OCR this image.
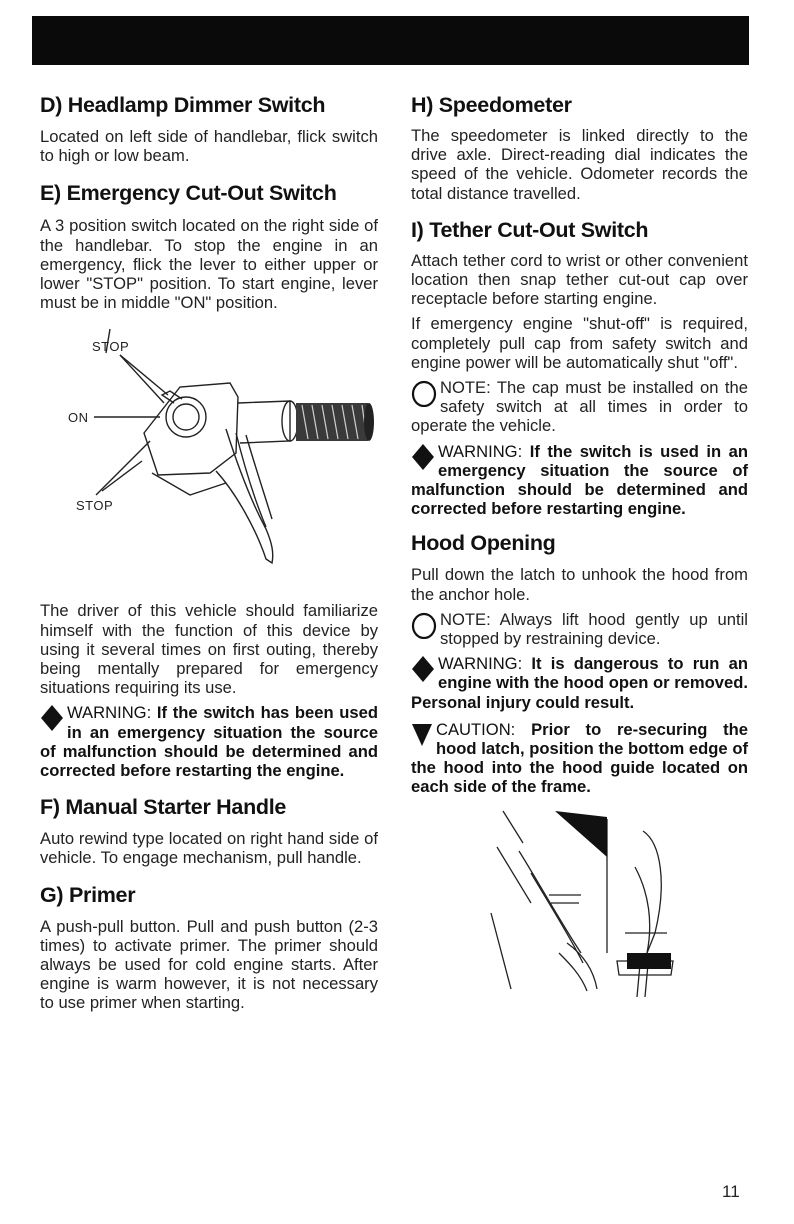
D) Headlamp Dimmer Switch

Located on left side of handlebar, flick switch to high or low beam.

E) Emergency Cut-Out Switch

A 3 position switch located on the right side of the handlebar. To stop the engine in an emergency, flick the lever to either upper or lower "STOP" position. To start engine, lever must be in middle "ON" position.

STOP
ON
STOP

The driver of this vehicle should familiarize himself with the function of this device by using it several times on first outing, thereby being mentally prepared for emergency situations requiring its use.

WARNING: If the switch has been used in an emergency situation the source of malfunction should be determined and corrected before restarting the engine.
F) Manual Starter Handle

Auto rewind type located on right hand side of vehicle. To engage mechanism, pull handle.

G) Primer

A push-pull button. Pull and push button (2-3 times) to activate primer. The primer should always be used for cold engine starts. After engine is warm however, it is not necessary to use primer when starting.

H) Speedometer

The speedometer is linked directly to the drive axle. Direct-reading dial indicates the speed of the vehicle. Odometer records the total distance travelled.

I) Tether Cut-Out Switch

Attach tether cord to wrist or other convenient location then snap tether cut-out cap over receptacle before starting engine.

If emergency engine "shut-off" is required, completely pull cap from safety switch and engine power will be automatically shut "off".

NOTE: The cap must be installed on the safety switch at all times in order to operate the vehicle.
WARNING: If the switch is used in an emergency situation the source of malfunction should be determined and corrected before restarting engine.
Hood Opening

Pull down the latch to unhook the hood from the anchor hole.

NOTE: Always lift hood gently up until stopped by restraining device.
WARNING: It is dangerous to run an engine with the hood open or removed. Personal injury could result.
CAUTION: Prior to re-securing the hood latch, position the bottom edge of the hood into the hood guide located on each side of the frame.
11
